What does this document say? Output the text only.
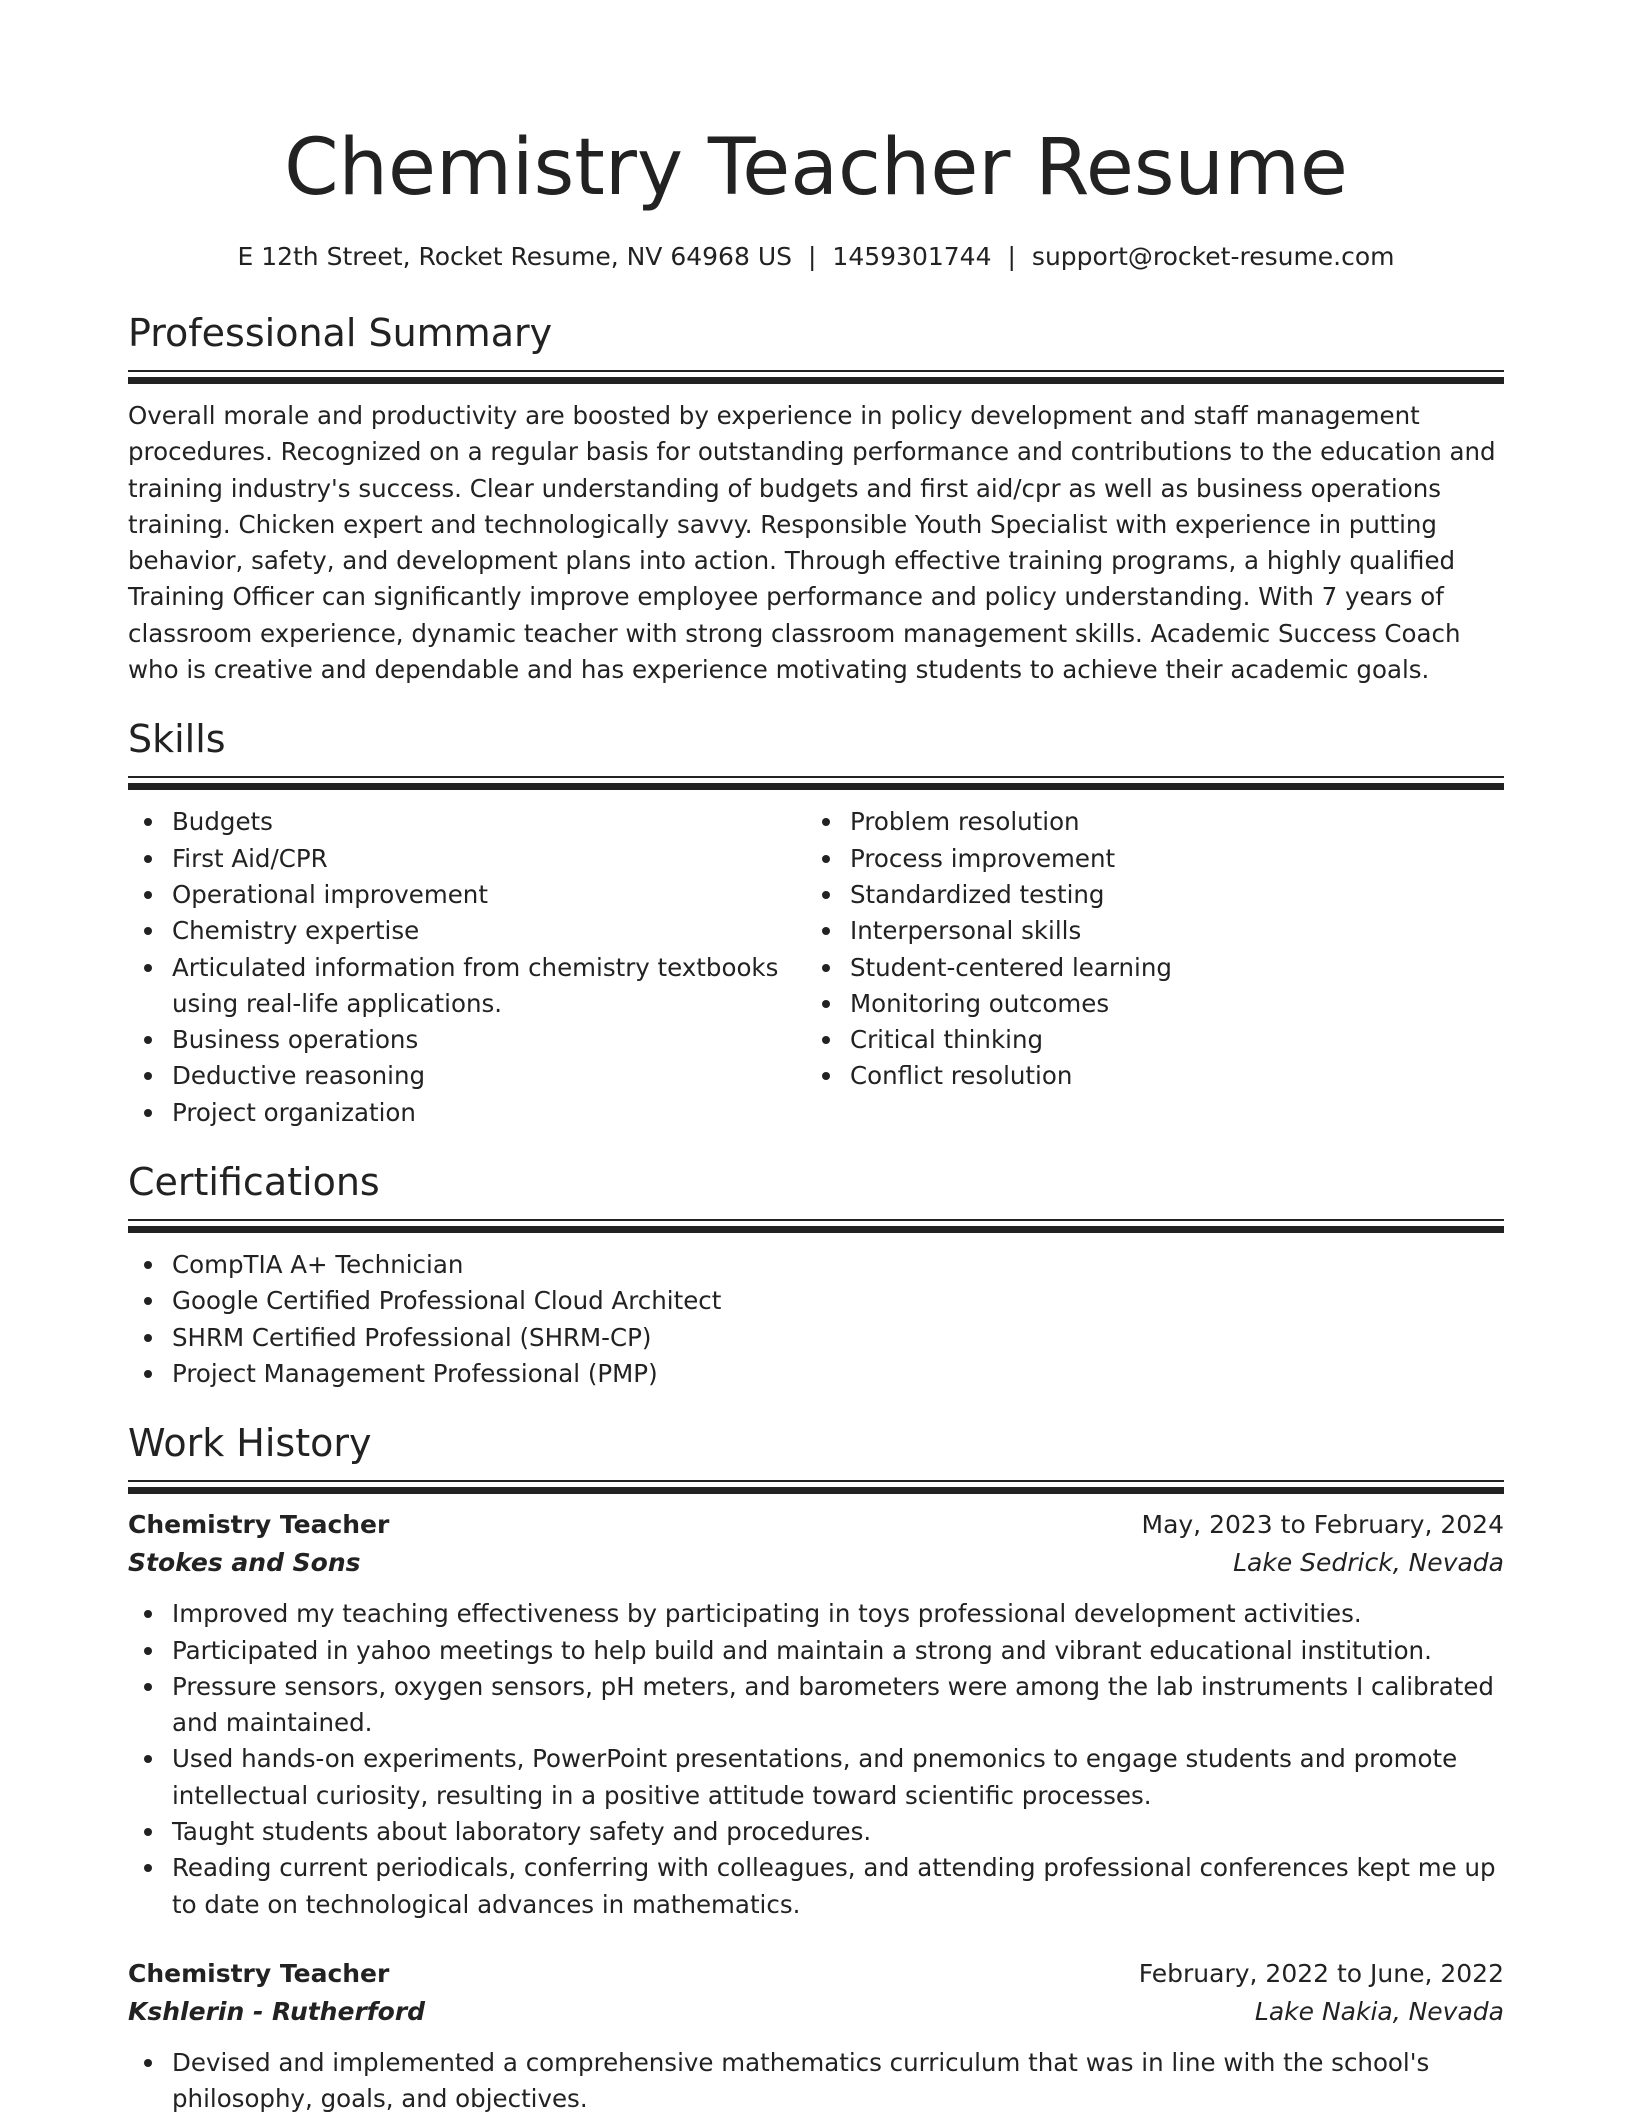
Chemistry Teacher Resume
E 12th Street, Rocket Resume, NV 64968 US | 1459301744 | support@rocket-resume.com
Professional Summary

Overall morale and productivity are boosted by experience in policy development and staff management procedures. Recognized on a regular basis for outstanding performance and contributions to the education and training industry's success. Clear understanding of budgets and first aid/cpr as well as business operations training. Chicken expert and technologically savvy. Responsible Youth Specialist with experience in putting behavior, safety, and development plans into action. Through effective training programs, a highly qualified Training Officer can significantly improve employee performance and policy understanding. With 7 years of classroom experience, dynamic teacher with strong classroom management skills. Academic Success Coach who is creative and dependable and has experience motivating students to achieve their academic goals.

Skills
Budgets
First Aid/CPR
Operational improvement
Chemistry expertise
Articulated information from chemistry textbooks using real-life applications.
Business operations
Deductive reasoning
Project organization
Problem resolution
Process improvement
Standardized testing
Interpersonal skills
Student-centered learning
Monitoring outcomes
Critical thinking
Conflict resolution
Certifications
CompTIA A+ Technician
Google Certified Professional Cloud Architect
SHRM Certified Professional (SHRM-CP)
Project Management Professional (PMP)
Work History
Chemistry Teacher	May, 2023 to February, 2024
Stokes and Sons	Lake Sedrick, Nevada
Improved my teaching effectiveness by participating in toys professional development activities.
Participated in yahoo meetings to help build and maintain a strong and vibrant educational institution.
Pressure sensors, oxygen sensors, pH meters, and barometers were among the lab instruments I calibrated and maintained.
Used hands-on experiments, PowerPoint presentations, and pnemonics to engage students and promote intellectual curiosity, resulting in a positive attitude toward scientific processes.
Taught students about laboratory safety and procedures.
Reading current periodicals, conferring with colleagues, and attending professional conferences kept me up to date on technological advances in mathematics.
Chemistry Teacher	February, 2022 to June, 2022
Kshlerin - Rutherford	Lake Nakia, Nevada
Devised and implemented a comprehensive mathematics curriculum that was in line with the school's philosophy, goals, and objectives.
